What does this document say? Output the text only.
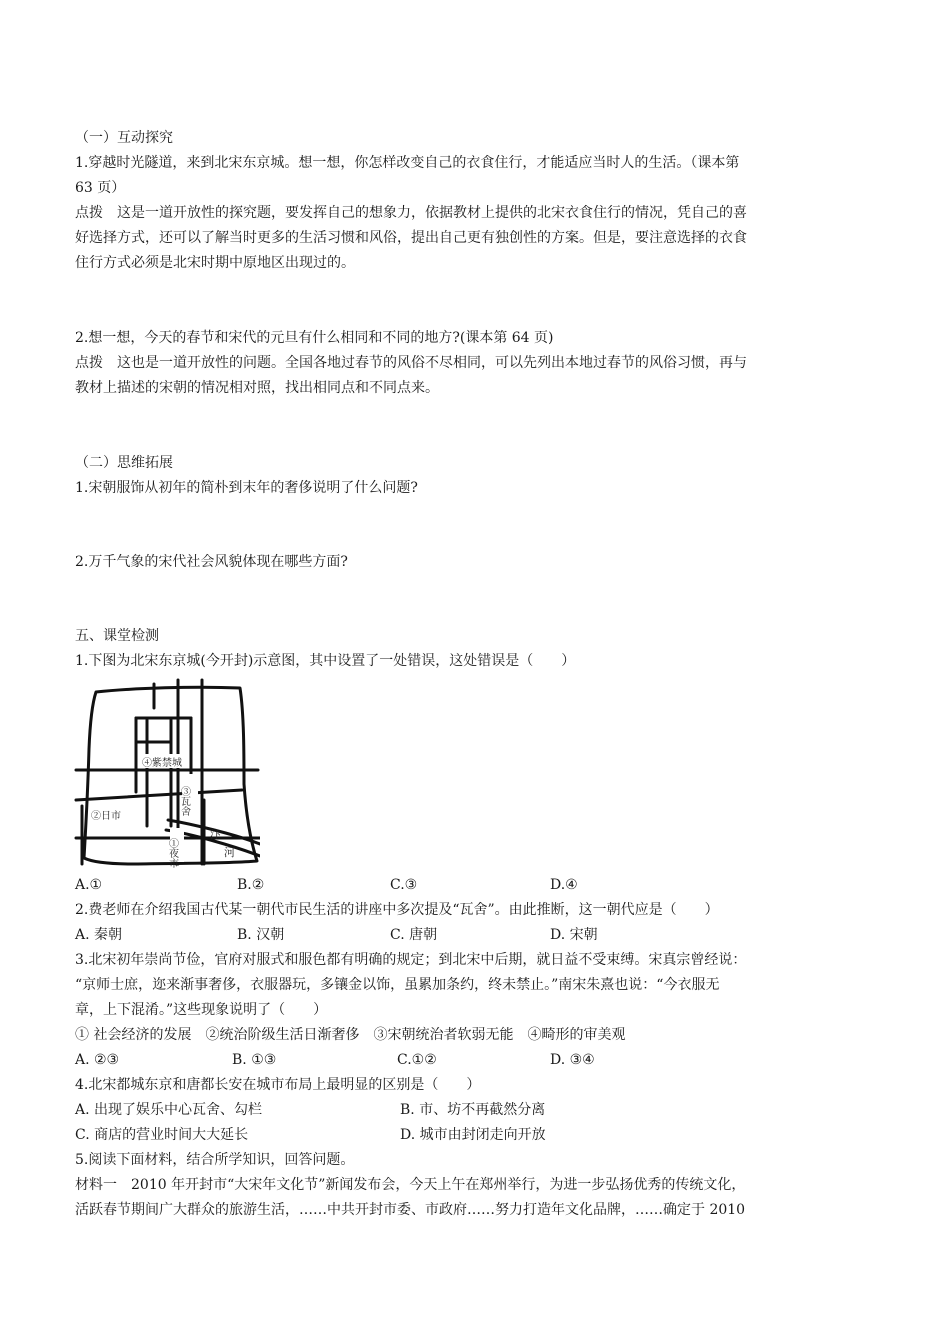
（一）互动探究
1.穿越时光隧道，来到北宋东京城。想一想，你怎样改变自己的衣食住行，才能适应当时人的生活。（课本第
63 页）
点拨　这是一道开放性的探究题，要发挥自己的想象力，依据教材上提供的北宋衣食住行的情况，凭自己的喜
好选择方式，还可以了解当时更多的生活习惯和风俗，提出自己更有独创性的方案。但是，要注意选择的衣食
住行方式必须是北宋时期中原地区出现过的。
2.想一想，今天的春节和宋代的元旦有什么相同和不同的地方?(课本第 64 页)
点拨　这也是一道开放性的问题。全国各地过春节的风俗不尽相同，可以先列出本地过春节的风俗习惯，再与
教材上描述的宋朝的情况相对照，找出相同点和不同点来。
（二）思维拓展
1.宋朝服饰从初年的简朴到末年的奢侈说明了什么问题?
2.万千气象的宋代社会风貌体现在哪些方面?
五、课堂检测
1.下图为北宋东京城(今开封)示意图，其中设置了一处错误，这处错误是（　　）
④紫禁城
③瓦舍
②日市
①夜市
汴
河
A.①	B.②	C.③	D.④
2.费老师在介绍我国古代某一朝代市民生活的讲座中多次提及“瓦舍”。由此推断，这一朝代应是（　　）
A. 秦朝	B. 汉朝	C. 唐朝	D. 宋朝
3.北宋初年崇尚节俭，官府对服式和服色都有明确的规定；到北宋中后期，就日益不受束缚。宋真宗曾经说：
“京师士庶，迩来渐事奢侈，衣服器玩，多镶金以饰，虽累加条约，终未禁止。”南宋朱熹也说：“今衣服无
章，上下混淆。”这些现象说明了（　　）
① 社会经济的发展　②统治阶级生活日渐奢侈　③宋朝统治者软弱无能　④畸形的审美观
A. ②③	B. ①③	C.①②	D. ③④
4.北宋都城东京和唐都长安在城市布局上最明显的区别是（　　）
A. 出现了娱乐中心瓦舍、勾栏	B. 市、坊不再截然分离
C. 商店的营业时间大大延长	D. 城市由封闭走向开放
5.阅读下面材料，结合所学知识，回答问题。
材料一　2010 年开封市“大宋年文化节”新闻发布会，今天上午在郑州举行，为进一步弘扬优秀的传统文化，
活跃春节期间广大群众的旅游生活，……中共开封市委、市政府……努力打造年文化品牌，……确定于 2010
